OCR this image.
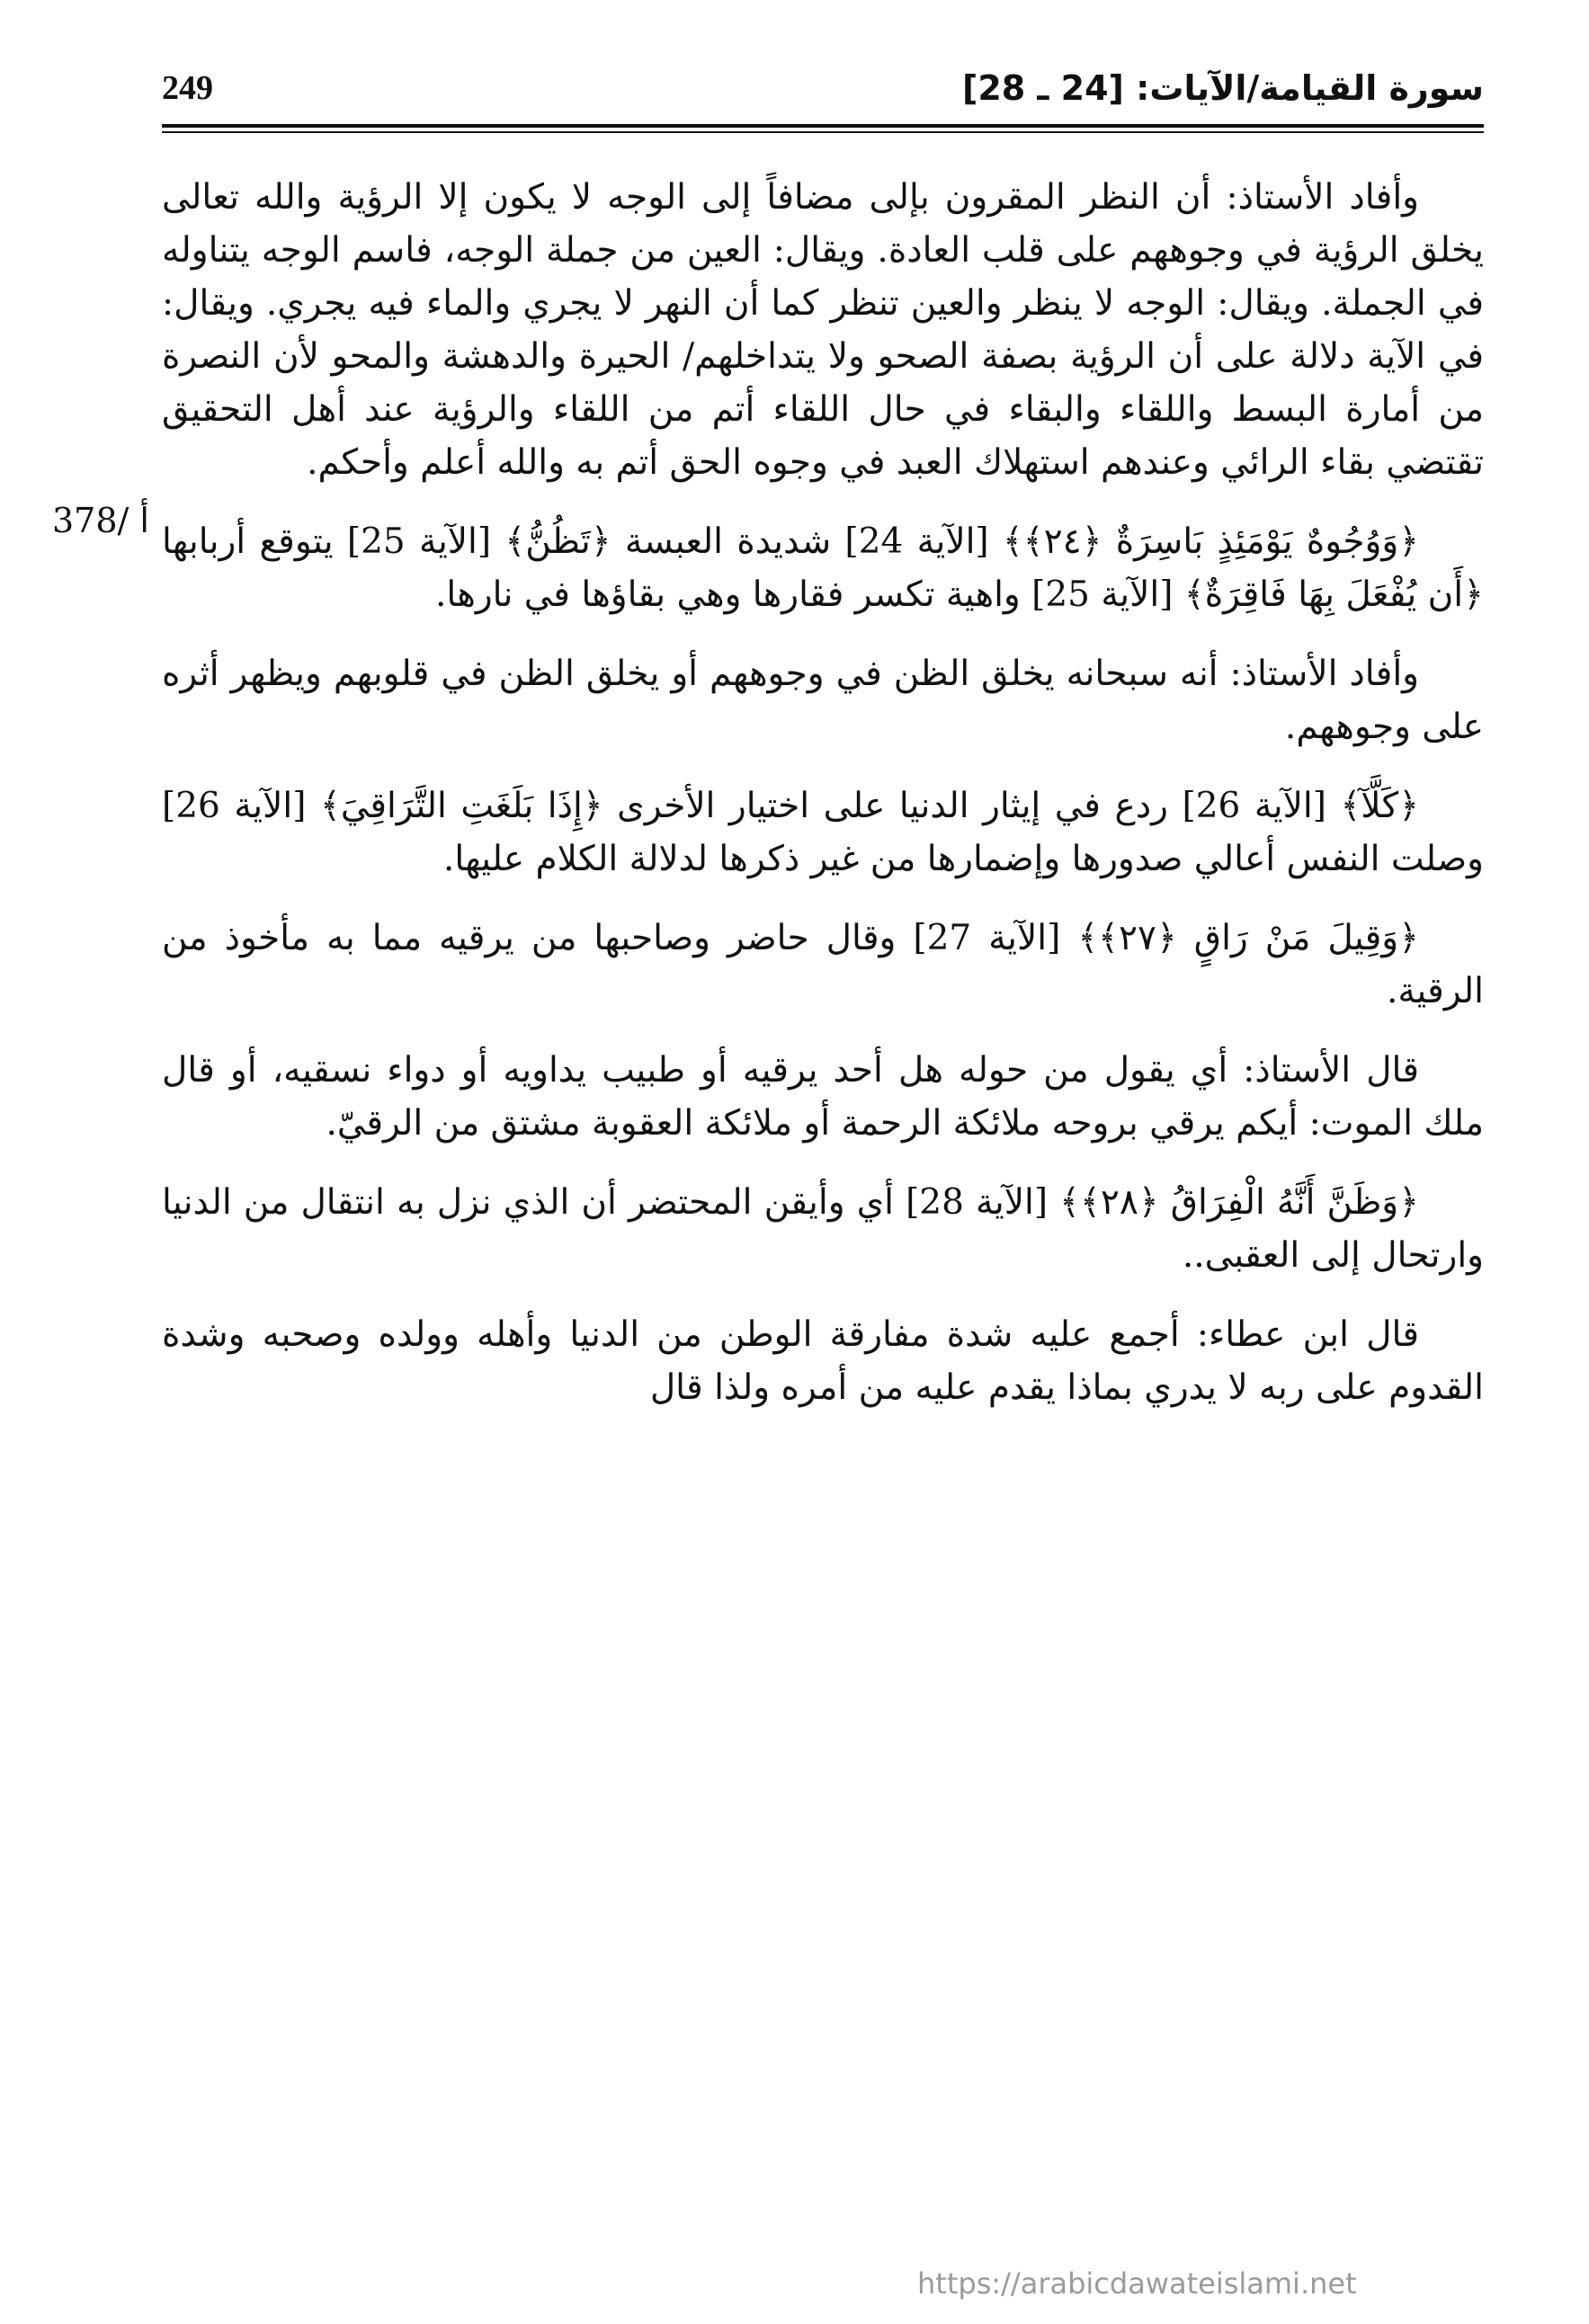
سورة القيامة/الآيات: [24 ـ 28]
249
378/ أ

وأفاد الأستاذ: أن النظر المقرون بإلى مضافاً إلى الوجه لا يكون إلا الرؤية والله تعالى يخلق الرؤية في وجوههم على قلب العادة. ويقال: العين من جملة الوجه، فاسم الوجه يتناوله في الجملة. ويقال: الوجه لا ينظر والعين تنظر كما أن النهر لا يجري والماء فيه يجري. ويقال: في الآية دلالة على أن الرؤية بصفة الصحو ولا يتداخلهم/ الحيرة والدهشة والمحو لأن النصرة من أمارة البسط واللقاء والبقاء في حال اللقاء أتم من اللقاء والرؤية عند أهل التحقيق تقتضي بقاء الرائي وعندهم استهلاك العبد في وجوه الحق أتم به والله أعلم وأحكم.

﴿وَوُجُوهٌ يَوْمَئِذٍ بَاسِرَةٌ ﴿٢٤﴾﴾ [الآية 24] شديدة العبسة ﴿تَظُنُّ﴾ [الآية 25] يتوقع أربابها ﴿أَن يُفْعَلَ بِهَا فَاقِرَةٌ﴾ [الآية 25] واهية تكسر فقارها وهي بقاؤها في نارها.

وأفاد الأستاذ: أنه سبحانه يخلق الظن في وجوههم أو يخلق الظن في قلوبهم ويظهر أثره على وجوههم.

﴿كَلَّآ﴾ [الآية 26] ردع في إيثار الدنيا على اختيار الأخرى ﴿إِذَا بَلَغَتِ التَّرَاقِيَ﴾ [الآية 26] وصلت النفس أعالي صدورها وإضمارها من غير ذكرها لدلالة الكلام عليها.

﴿وَقِيلَ مَنْ رَاقٍ ﴿٢٧﴾﴾ [الآية 27] وقال حاضر وصاحبها من يرقيه مما به مأخوذ من الرقية.

قال الأستاذ: أي يقول من حوله هل أحد يرقيه أو طبيب يداويه أو دواء نسقيه، أو قال ملك الموت: أيكم يرقي بروحه ملائكة الرحمة أو ملائكة العقوبة مشتق من الرقيّ.

﴿وَظَنَّ أَنَّهُ الْفِرَاقُ ﴿٢٨﴾﴾ [الآية 28] أي وأيقن المحتضر أن الذي نزل به انتقال من الدنيا وارتحال إلى العقبى..

قال ابن عطاء: أجمع عليه شدة مفارقة الوطن من الدنيا وأهله وولده وصحبه وشدة القدوم على ربه لا يدري بماذا يقدم عليه من أمره ولذا قال

https://arabicdawateislami.net
